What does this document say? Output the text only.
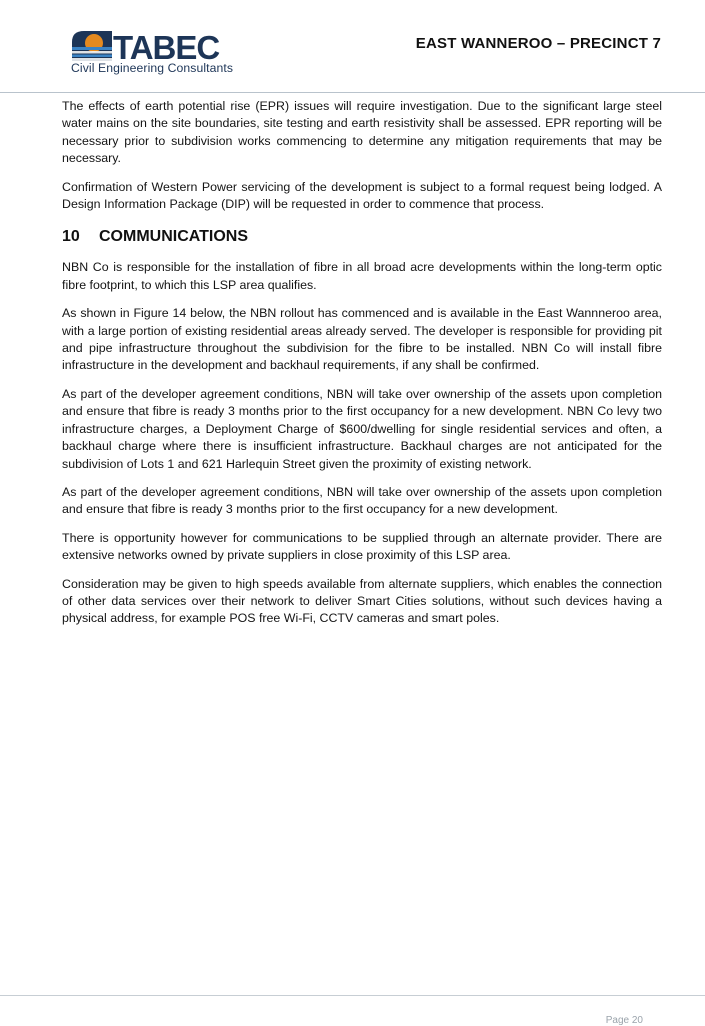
TABEC
Civil Engineering Consultants
EAST WANNEROO – PRECINCT 7

The effects of earth potential rise (EPR) issues will require investigation. Due to the significant large steel water mains on the site boundaries, site testing and earth resistivity shall be assessed. EPR reporting will be necessary prior to subdivision works commencing to determine any mitigation requirements that may be necessary.

Confirmation of Western Power servicing of the development is subject to a formal request being lodged. A Design Information Package (DIP) will be requested in order to commence that process.

10	COMMUNICATIONS

NBN Co is responsible for the installation of fibre in all broad acre developments within the long-term optic fibre footprint, to which this LSP area qualifies.

As shown in Figure 14 below, the NBN rollout has commenced and is available in the East Wannneroo area, with a large portion of existing residential areas already served. The developer is responsible for providing pit and pipe infrastructure throughout the subdivision for the fibre to be installed. NBN Co will install fibre infrastructure in the development and backhaul requirements, if any shall be confirmed.

As part of the developer agreement conditions, NBN will take over ownership of the assets upon completion and ensure that fibre is ready 3 months prior to the first occupancy for a new development. NBN Co levy two infrastructure charges, a Deployment Charge of $600/dwelling for single residential services and often, a backhaul charge where there is insufficient infrastructure. Backhaul charges are not anticipated for the subdivision of Lots 1 and 621 Harlequin Street given the proximity of existing network.

As part of the developer agreement conditions, NBN will take over ownership of the assets upon completion and ensure that fibre is ready 3 months prior to the first occupancy for a new development.

There is opportunity however for communications to be supplied through an alternate provider. There are extensive networks owned by private suppliers in close proximity of this LSP area.

Consideration may be given to high speeds available from alternate suppliers, which enables the connection of other data services over their network to deliver Smart Cities solutions, without such devices having a physical address, for example POS free Wi-Fi, CCTV cameras and smart poles.

Page 20
